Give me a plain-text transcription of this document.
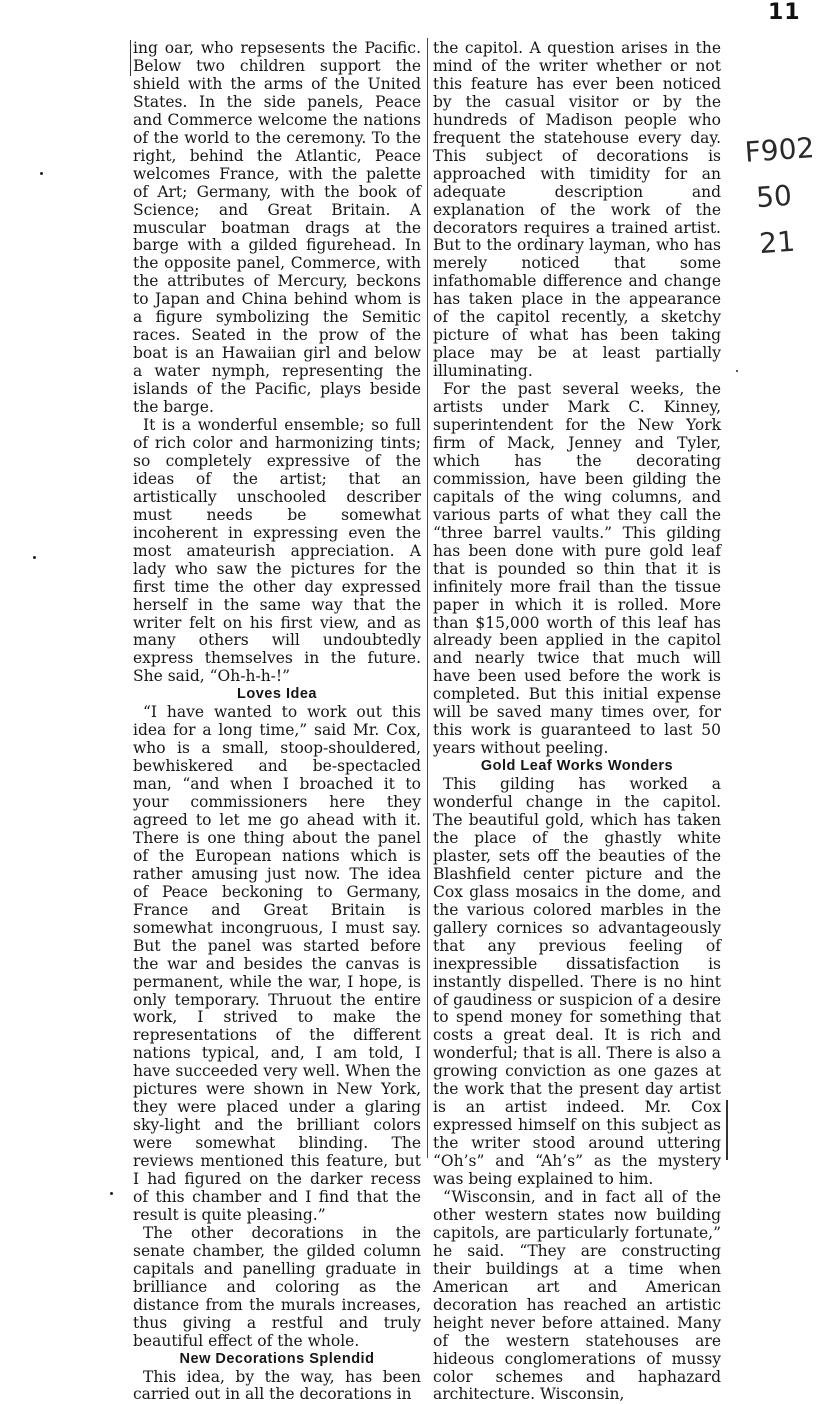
11
F902
50
21

ing oar, who repsesents the Pacific. Below two children support the shield with the arms of the United States. In the side panels, Peace and Commerce welcome the nations of the world to the ceremony. To the right, behind the Atlantic, Peace welcomes France, with the palette of Art; Germany, with the book of Science; and Great Britain. A muscular boatman drags at the barge with a gilded figurehead. In the opposite panel, Commerce, with the attributes of Mercury, beckons to Japan and China behind whom is a figure symbolizing the Semitic races. Seated in the prow of the boat is an Hawaiian girl and below a water nymph, representing the islands of the Pacific, plays beside the barge.

It is a wonderful ensemble; so full of rich color and harmonizing tints; so completely expressive of the ideas of the artist; that an artistically unschooled describer must needs be somewhat incoherent in expressing even the most amateurish appreciation. A lady who saw the pictures for the first time the other day expressed herself in the same way that the writer felt on his first view, and as many others will undoubtedly express themselves in the future. She said, “Oh-h-h-!”

Loves Idea

“I have wanted to work out this idea for a long time,” said Mr. Cox, who is a small, stoop-shouldered, bewhiskered and be-spectacled man, “and when I broached it to your commissioners here they agreed to let me go ahead with it. There is one thing about the panel of the European nations which is rather amusing just now. The idea of Peace beckoning to Germany, France and Great Britain is somewhat incongruous, I must say. But the panel was started before the war and besides the canvas is permanent, while the war, I hope, is only temporary. Thruout the entire work, I strived to make the representations of the different nations typical, and, I am told, I have succeeded very well. When the pictures were shown in New York, they were placed under a glaring sky-light and the brilliant colors were somewhat blinding. The reviews mentioned this feature, but I had figured on the darker recess of this chamber and I find that the result is quite pleasing.”

The other decorations in the senate chamber, the gilded column capitals and panelling graduate in brilliance and coloring as the distance from the murals increases, thus giving a restful and truly beautiful effect of the whole.

New Decorations Splendid

This idea, by the way, has been carried out in all the decorations in

the capitol. A question arises in the mind of the writer whether or not this feature has ever been noticed by the casual visitor or by the hundreds of Madison people who frequent the statehouse every day. This subject of decorations is approached with timidity for an adequate description and explanation of the work of the decorators requires a trained artist. But to the ordinary layman, who has merely noticed that some infathomable difference and change has taken place in the appearance of the capitol recently, a sketchy picture of what has been taking place may be at least partially illuminating.

For the past several weeks, the artists under Mark C. Kinney, superintendent for the New York firm of Mack, Jenney and Tyler, which has the decorating commission, have been gilding the capitals of the wing columns, and various parts of what they call the “three barrel vaults.” This gilding has been done with pure gold leaf that is pounded so thin that it is infinitely more frail than the tissue paper in which it is rolled. More than $15,000 worth of this leaf has already been applied in the capitol and nearly twice that much will have been used before the work is completed. But this initial expense will be saved many times over, for this work is guaranteed to last 50 years without peeling.

Gold Leaf Works Wonders

This gilding has worked a wonderful change in the capitol. The beautiful gold, which has taken the place of the ghastly white plaster, sets off the beauties of the Blashfield center picture and the Cox glass mosaics in the dome, and the various colored marbles in the gallery cornices so advantageously that any previous feeling of inexpressible dissatisfaction is instantly dispelled. There is no hint of gaudiness or suspicion of a desire to spend money for something that costs a great deal. It is rich and wonderful; that is all. There is also a growing conviction as one gazes at the work that the present day artist is an artist indeed. Mr. Cox expressed himself on this subject as the writer stood around uttering “Oh’s” and “Ah’s” as the mystery was being explained to him.

“Wisconsin, and in fact all of the other western states now building capitols, are particularly fortunate,” he said. “They are constructing their buildings at a time when American art and American decoration has reached an artistic height never before attained. Many of the western statehouses are hideous conglomerations of mussy color schemes and haphazard architecture. Wisconsin,
